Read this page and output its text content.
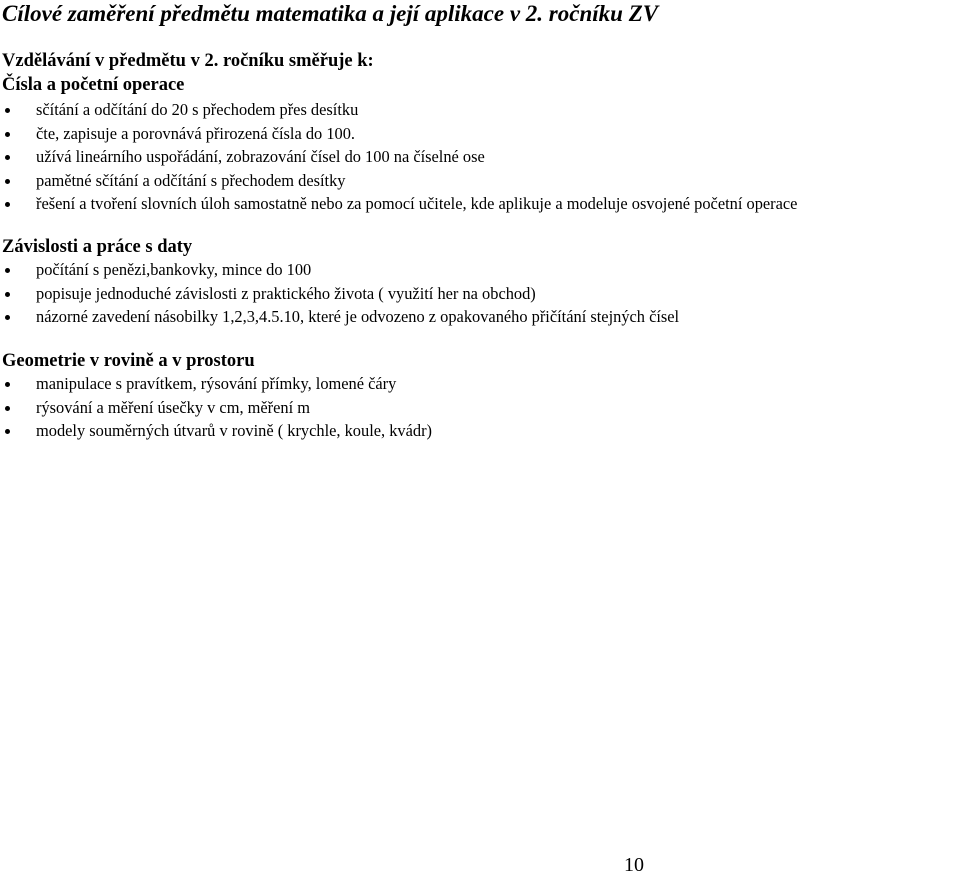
Cílové zaměření předmětu matematika a její aplikace v 2. ročníku ZV

Vzdělávání v předmětu v 2. ročníku směřuje k:

Čísla a početní operace
sčítání a odčítání do 20 s přechodem přes desítku
čte, zapisuje a porovnává přirozená čísla do 100.
užívá lineárního uspořádání, zobrazování čísel do 100 na číselné ose
pamětné sčítání a odčítání s přechodem desítky
řešení a tvoření slovních úloh samostatně nebo za pomocí učitele, kde aplikuje a modeluje osvojené početní operace
Závislosti a práce s daty
počítání s penězi,bankovky, mince do 100
popisuje jednoduché závislosti z praktického života ( využití her na obchod)
názorné zavedení násobilky 1,2,3,4.5.10, které je odvozeno z opakovaného přičítání stejných čísel
Geometrie v rovině a v prostoru
manipulace s pravítkem, rýsování přímky, lomené čáry
rýsování a měření úsečky v cm, měření m
modely souměrných útvarů v rovině ( krychle, koule, kvádr)
10
